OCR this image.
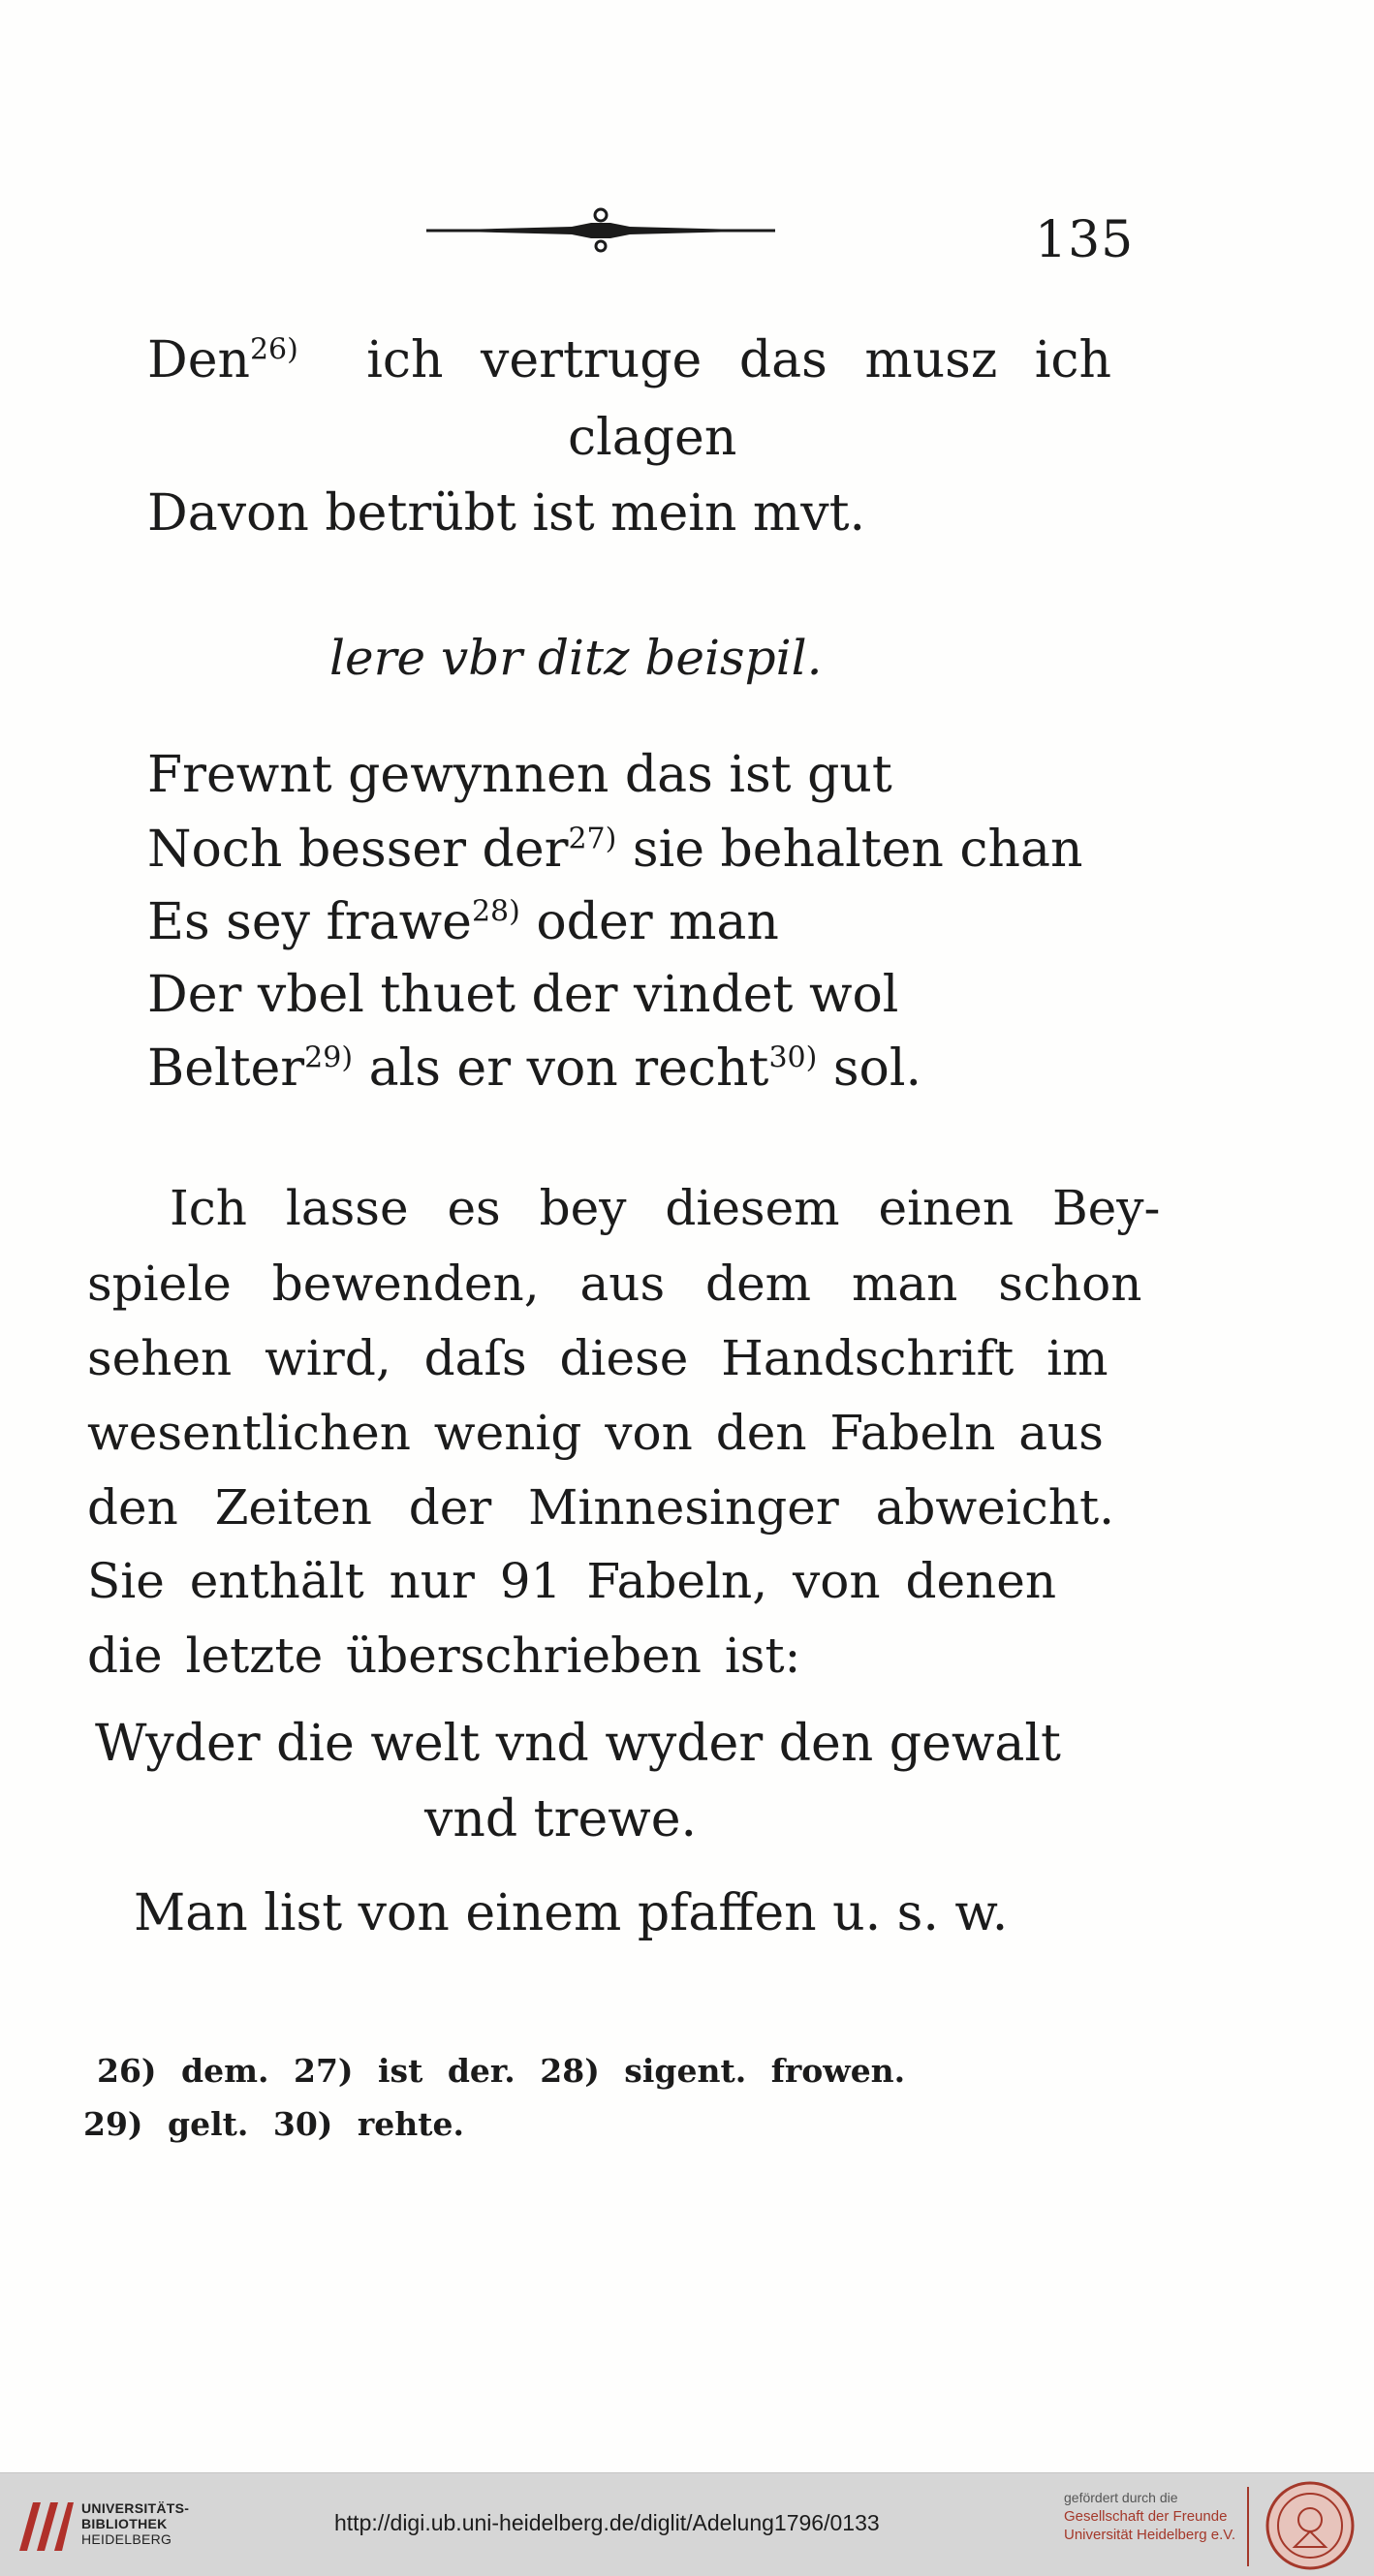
135
Den$^{26)}$ ich vertruge das musz ich
clagen
Davon betrübt ist mein mvt.
lere vbr ditz beispil.
Frewnt gewynnen das ist gut
Noch besser der$^{27)}$ sie behalten chan
Es sey frawe$^{28)}$ oder man
Der vbel thuet der vindet wol
Belter$^{29)}$ als er von recht$^{30)}$ sol.
Ich lasse es bey diesem einen Bey-
spiele bewenden, aus dem man schon
sehen wird, daſs diese Handschrift im
wesentlichen wenig von den Fabeln aus
den Zeiten der Minnesinger abweicht.
Sie enthält nur 91 Fabeln, von denen
die letzte überschrieben ist:
Wyder die welt vnd wyder den gewalt
vnd trewe.
Man list von einem pfaffen u. s. w.
26) dem. 27) ist der. 28) sigent. frowen.
29) gelt. 30) rehte.
UNIVERSITÄTS-
BIBLIOTHEK
HEIDELBERG
http://digi.ub.uni-heidelberg.de/diglit/Adelung1796/0133
gefördert durch die
Gesellschaft der Freunde
Universität Heidelberg e.V.
